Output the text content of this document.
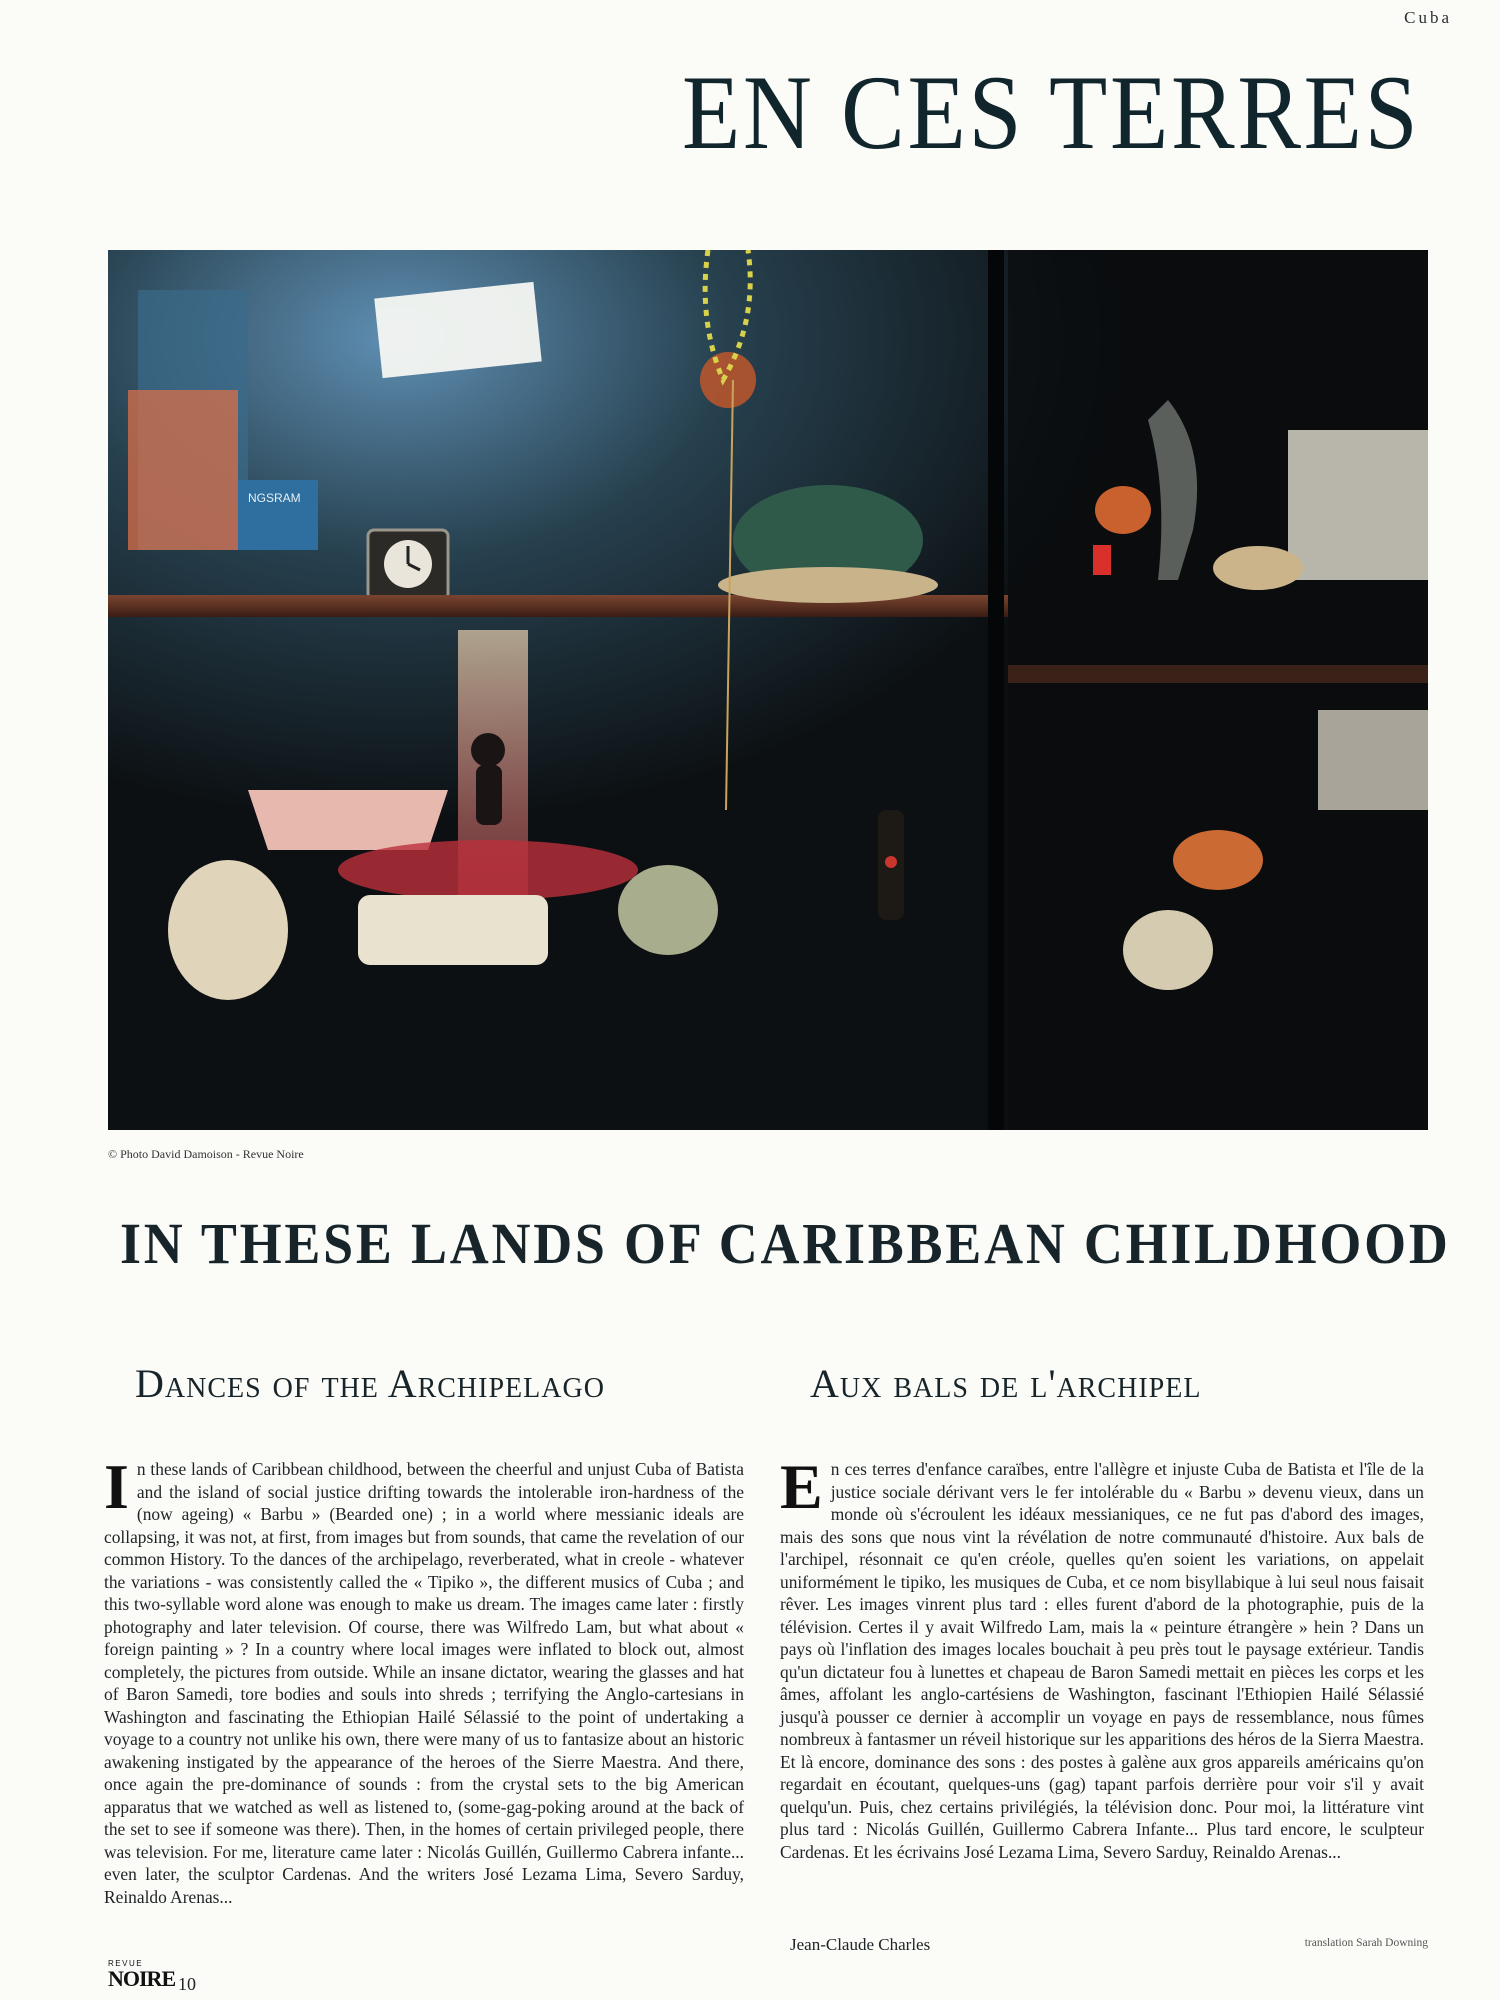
Cuba
EN CES TERRES
NGSRAM
© Photo David Damoison - Revue Noire
IN THESE LANDS OF CARIBBEAN CHILDHOOD
Dances of the Archipelago	Aux bals de l'archipel

In these lands of Caribbean childhood, between the cheerful and unjust Cuba of Batista and the island of social justice drifting towards the intolerable iron-hardness of the (now ageing) « Barbu » (Bearded one) ; in a world where messianic ideals are collapsing, it was not, at first, from images but from sounds, that came the revelation of our common History. To the dances of the archipelago, reverberated, what in creole - whatever the variations - was consistently called the « Tipiko », the different musics of Cuba ; and this two-syllable word alone was enough to make us dream. The images came later : firstly photography and later television. Of course, there was Wilfredo Lam, but what about « foreign painting » ? In a country where local images were inflated to block out, almost completely, the pictures from outside. While an insane dictator, wearing the glasses and hat of Baron Samedi, tore bodies and souls into shreds ; terrifying the Anglo-cartesians in Washington and fascinating the Ethiopian Hailé Sélassié to the point of undertaking a voyage to a country not unlike his own, there were many of us to fantasize about an historic awakening instigated by the appearance of the heroes of the Sierre Maestra. And there, once again the pre-dominance of sounds : from the crystal sets to the big American apparatus that we watched as well as listened to, (some-gag-poking around at the back of the set to see if someone was there). Then, in the homes of certain privileged people, there was television. For me, literature came later : Nicolás Guillén, Guillermo Cabrera infante... even later, the sculptor Cardenas. And the writers José Lezama Lima, Severo Sarduy, Reinaldo Arenas...

En ces terres d'enfance caraïbes, entre l'allègre et injuste Cuba de Batista et l'île de la justice sociale dérivant vers le fer intolérable du « Barbu » devenu vieux, dans un monde où s'écroulent les idéaux messianiques, ce ne fut pas d'abord des images, mais des sons que nous vint la révélation de notre communauté d'histoire. Aux bals de l'archipel, résonnait ce qu'en créole, quelles qu'en soient les variations, on appelait uniformément le tipiko, les musiques de Cuba, et ce nom bisyllabique à lui seul nous faisait rêver. Les images vinrent plus tard : elles furent d'abord de la photographie, puis de la télévision. Certes il y avait Wilfredo Lam, mais la « peinture étrangère » hein ? Dans un pays où l'inflation des images locales bouchait à peu près tout le paysage extérieur. Tandis qu'un dictateur fou à lunettes et chapeau de Baron Samedi mettait en pièces les corps et les âmes, affolant les anglo-cartésiens de Washington, fascinant l'Ethiopien Hailé Sélassié jusqu'à pousser ce dernier à accomplir un voyage en pays de ressemblance, nous fûmes nombreux à fantasmer un réveil historique sur les apparitions des héros de la Sierra Maestra. Et là encore, dominance des sons : des postes à galène aux gros appareils américains qu'on regardait en écoutant, quelques-uns (gag) tapant parfois derrière pour voir s'il y avait quelqu'un. Puis, chez certains privilégiés, la télévision donc. Pour moi, la littérature vint plus tard : Nicolás Guillén, Guillermo Cabrera Infante... Plus tard encore, le sculpteur Cardenas. Et les écrivains José Lezama Lima, Severo Sarduy, Reinaldo Arenas...

Jean-Claude Charles	translation Sarah Downing
REVUE
NOIRE 10
